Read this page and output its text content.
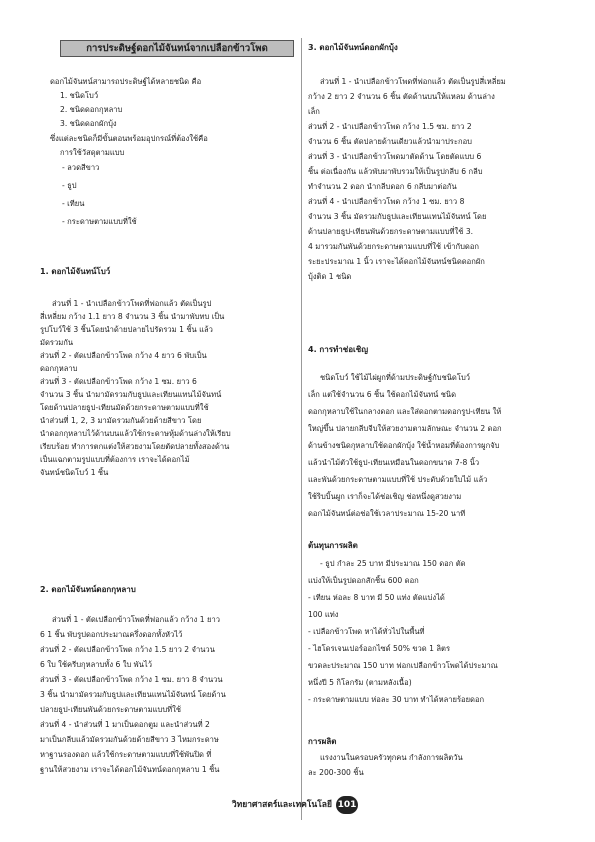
การประดิษฐ์ดอกไม้จันทน์จากเปลือกข้าวโพด
ดอกไม้จันทน์สามารถประดิษฐ์ได้หลายชนิด คือ
1. ชนิดโบว์
2. ชนิดดอกกุหลาบ
3. ชนิดดอกผักบุ้ง
ซึ่งแต่ละชนิดก็มีขั้นตอนพร้อมอุปกรณ์ที่ต้องใช้คือ
การใช้วัสดุตามแบบ
- ลวดสีขาว
- ธูป
- เทียน
- กระดาษตามแบบที่ใช้
1. ดอกไม้จันทน์โบว์
ส่วนที่ 1 - นำเปลือกข้าวโพดที่ฟอกแล้ว ตัดเป็นรูป
สี่เหลี่ยม กว้าง 1.1 ยาว 8 จำนวน 3 ชิ้น นำมาพับทบ เป็น
รูปโบว์ใช้ 3 ชิ้นโดยนำด้ายปลายไปรัดรวม 1 ชิ้น แล้ว
มัดรวมกัน
ส่วนที่ 2 - ตัดเปลือกข้าวโพด กว้าง 4 ยาว 6 พับเป็น
ดอกกุหลาบ
ส่วนที่ 3 - ตัดเปลือกข้าวโพด กว้าง 1 ซม. ยาว 6
จำนวน 3 ชิ้น นำมามัดรวมกับธูปและเทียนแทนไม้จันทน์
โดยด้านปลายธูป-เทียนมัดด้วยกระดาษตามแบบที่ใช้
นำส่วนที่ 1, 2, 3 มามัดรวมกันด้วยด้ายสีขาว โดย
นำดอกกุหลาบไว้ด้านบนแล้วใช้กระดาษหุ้มด้านล่างให้เรียบ
เรียบร้อย ทำการตกแต่งให้สวยงามโดยตัดปลายทั้งสองด้าน
เป็นแฉกตามรูปแบบที่ต้องการ เราจะได้ดอกไม้
จันทน์ชนิดโบว์ 1 ชิ้น
2. ดอกไม้จันทน์ดอกกุหลาบ
ส่วนที่ 1 - ตัดเปลือกข้าวโพดที่ฟอกแล้ว กว้าง 1 ยาว
6 1 ชิ้น พับรูปดอกประมาณครึ่งดอกทั้งหัวไว้
ส่วนที่ 2 - ตัดเปลือกข้าวโพด กว้าง 1.5 ยาว 2 จำนวน
6 ใบ ใช้ครีบกุหลาบทั้ง 6 ใบ พันไว้
ส่วนที่ 3 - ตัดเปลือกข้าวโพด กว้าง 1 ซม. ยาว 8 จำนวน
3 ชิ้น นำมามัดรวมกับธูปและเทียนแทนไม้จันทน์ โดยด้าน
ปลายธูป-เทียนพันด้วยกระดาษตามแบบที่ใช้
ส่วนที่ 4 - นำส่วนที่ 1 มาเป็นดอกตูม และนำส่วนที่ 2
มาเป็นกลีบแล้วมัดรวมกันด้วยด้ายสีขาว 3 ไหมกระดาษ
หาฐานรองดอก แล้วใช้กระดาษตามแบบที่ใช้พันปิด ที่
ฐานให้สวยงาม เราจะได้ดอกไม้จันทน์ดอกกุหลาบ 1 ชิ้น
3. ดอกไม้จันทน์ดอกผักบุ้ง
ส่วนที่ 1 - นำเปลือกข้าวโพดที่ฟอกแล้ว ตัดเป็นรูปสี่เหลี่ยม
กว้าง 2 ยาว 2 จำนวน 6 ชิ้น ตัดด้านบนให้แหลม ด้านล่าง
เล็ก
ส่วนที่ 2 - นำเปลือกข้าวโพด กว้าง 1.5 ซม. ยาว 2
จำนวน 6 ชิ้น ตัดปลายด้านเดียวแล้วนำมาประกอบ
ส่วนที่ 3 - นำเปลือกข้าวโพดมาตัดด้าน โดยตัดแบบ 6
ชิ้น ต่อเนื่องกัน แล้วพับมาพับรวมให้เป็นรูปกลีบ 6 กลีบ
ทำจำนวน 2 ดอก นำกลีบดอก 6 กลีบมาต่อกัน
ส่วนที่ 4 - นำเปลือกข้าวโพด กว้าง 1 ซม. ยาว 8
จำนวน 3 ชิ้น มัดรวมกับธูปและเทียนแทนไม้จันทน์ โดย
ด้านปลายธูป-เทียนพันด้วยกระดาษตามแบบที่ใช้ 3.
4 มารวมกันพันด้วยกระดาษตามแบบที่ใช้ เข้ากับดอก
ระยะประมาณ 1 นิ้ว เราจะได้ดอกไม้จันทน์ชนิดดอกผัก
บุ้งติด 1 ชนิด
4. การทำช่อเชิญ
ชนิดโบว์ ใช้ไม้ไผ่ผูกที่ด้ามประดิษฐ์กับชนิดโบว์
เล็ก แต่ใช้จำนวน 6 ชิ้น ใช้ดอกไม้จันทน์ ชนิด
ดอกกุหลาบใช้ในกลางดอก และใส่ดอกตามดอกรูป-เทียน ให้
ใหญ่ขึ้น ปลายกลีบจีบให้สวยงามตามลักษณะ จำนวน 2 ดอก
ด้านข้างชนิดกุหลาบใช้ดอกผักบุ้ง ใช้น้ำหอมที่ต้องการผูกจับ
แล้วนำไม้ตัวใช้ธูป-เทียนเหมือนในดอกขนาด 7-8 นิ้ว
และพันด้วยกระดาษตามแบบที่ใช้ ประดับด้วยใบไม้ แล้ว
ใช้ริบบิ้นผูก เราก็จะได้ช่อเชิญ ช่อหนึ่งดูสวยงาม
ดอกไม้จันทน์ต่อช่อใช้เวลาประมาณ 15-20 นาที
ต้นทุนการผลิต
- ธูป กำละ 25 บาท มีประมาณ 150 ดอก ตัด
แบ่งให้เป็นรูปดอกสักชิ้น 600 ดอก
- เทียน ห่อละ 8 บาท มี 50 แท่ง ตัดแบ่งได้
100 แท่ง
- เปลือกข้าวโพด หาได้ทั่วไปในพื้นที่
- ไฮโดรเจนเปอร์ออกไซด์ 50% ขวด 1 ลิตร
ขวดละประมาณ 150 บาท ฟอกเปลือกข้าวโพดได้ประมาณ
หนึ่งปี 5 กิโลกรัม (ตามหลังเนื้อ)
- กระดาษตามแบบ ห่อละ 30 บาท ทำได้หลายร้อยดอก
การผลิต
แรงงานในครอบครัวทุกคน กำลังการผลิตวัน
ละ 200-300 ชิ้น
วิทยาศาสตร์และเทคโนโลยี 101
